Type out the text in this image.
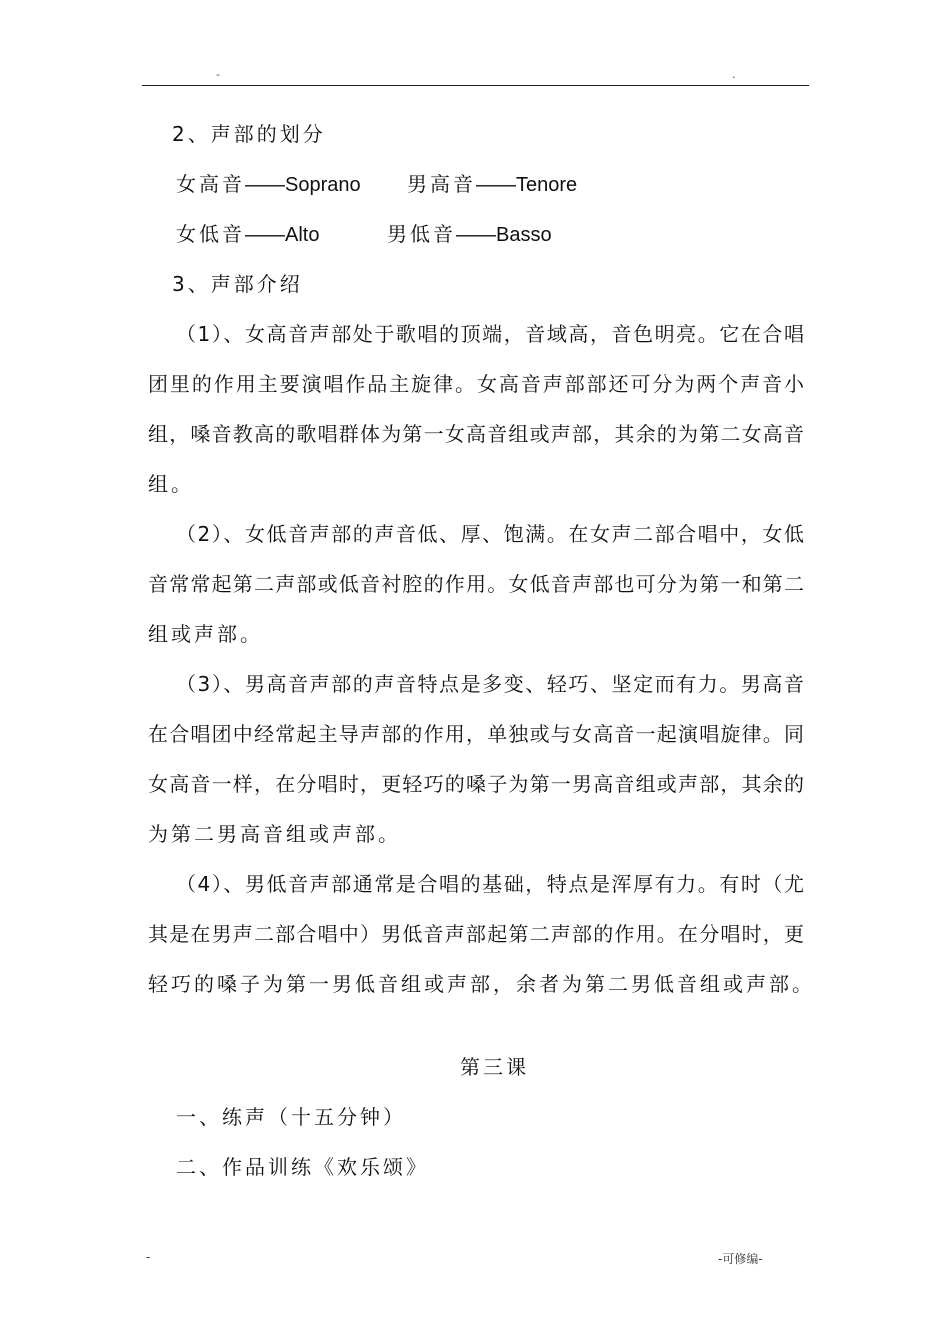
-	.
2、声部的划分
女高音——Soprano 男高音——Tenore
女低音——Alto	男低音——Basso
3、声部介绍
（1）、女高音声部处于歌唱的顶端，音域高，音色明亮。它在合唱
团里的作用主要演唱作品主旋律。女高音声部部还可分为两个声音小
组，嗓音教高的歌唱群体为第一女高音组或声部，其余的为第二女高音
组。
（2）、女低音声部的声音低、厚、饱满。在女声二部合唱中，女低
音常常起第二声部或低音衬腔的作用。女低音声部也可分为第一和第二
组或声部。
（3）、男高音声部的声音特点是多变、轻巧、坚定而有力。男高音
在合唱团中经常起主导声部的作用，单独或与女高音一起演唱旋律。同
女高音一样，在分唱时，更轻巧的嗓子为第一男高音组或声部，其余的
为第二男高音组或声部。
（4）、男低音声部通常是合唱的基础，特点是浑厚有力。有时（尤
其是在男声二部合唱中）男低音声部起第二声部的作用。在分唱时，更
轻巧的嗓子为第一男低音组或声部，余者为第二男低音组或声部。
第三课
一、练声（十五分钟）
二、作品训练《欢乐颂》
-	-可修编-
